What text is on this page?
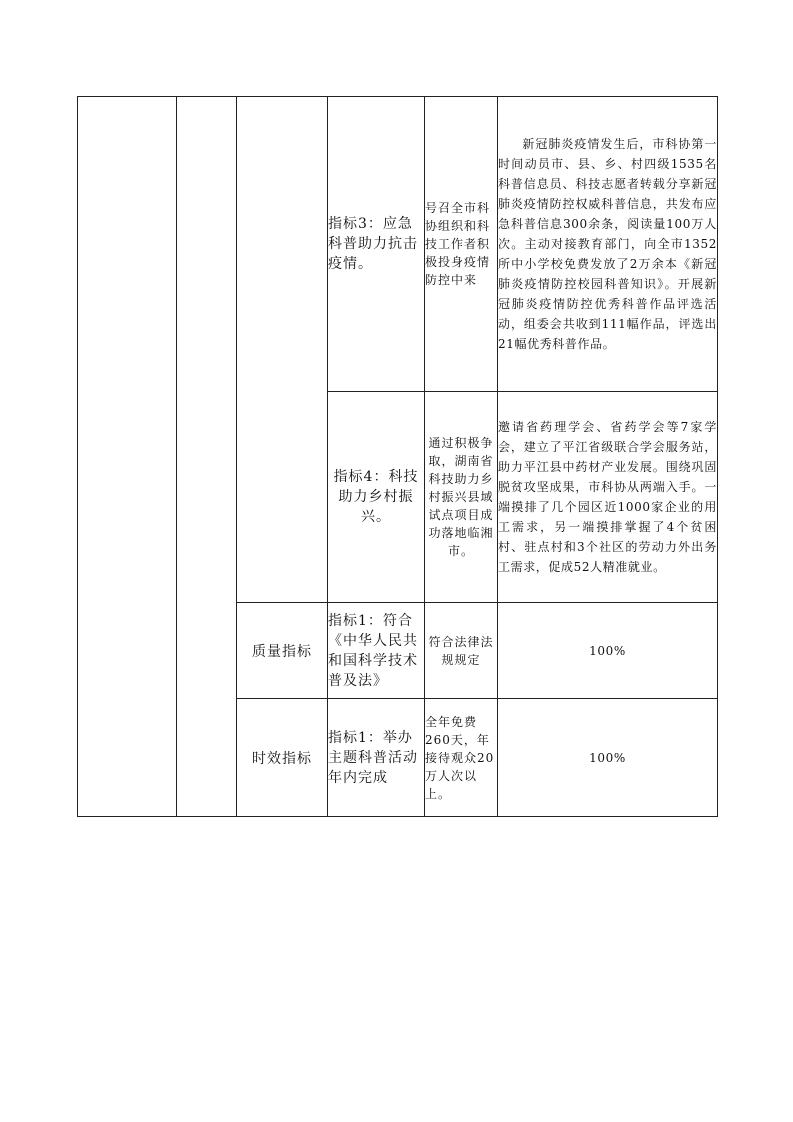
			指标3：应急科普助力抗击疫情。	号召全市科协组织和科技工作者积极投身疫情防控中来	新冠肺炎疫情发生后，市科协第一时间动员市、县、乡、村四级1535名科普信息员、科技志愿者转载分享新冠肺炎疫情防控权威科普信息，共发布应急科普信息300余条，阅读量100万人次。主动对接教育部门，向全市1352所中小学校免费发放了2万余本《新冠肺炎疫情防控校园科普知识》。开展新冠肺炎疫情防控优秀科普作品评选活动，组委会共收到111幅作品，评选出21幅优秀科普作品。
			指标4：科技助力乡村振兴。	通过积极争取，湖南省科技助力乡村振兴县域试点项目成功落地临湘市。	邀请省药理学会、省药学会等7家学会，建立了平江省级联合学会服务站，助力平江县中药材产业发展。围绕巩固脱贫攻坚成果，市科协从两端入手。一端摸排了几个园区近1000家企业的用工需求，另一端摸排掌握了4个贫困村、驻点村和3个社区的劳动力外出务工需求，促成52人精准就业。
		质量指标	指标1：符合《中华人民共和国科学技术普及法》	符合法律法规规定	100%
		时效指标	指标1：举办主题科普活动年内完成	全年免费260天，年接待观众20万人次以上。	100%
